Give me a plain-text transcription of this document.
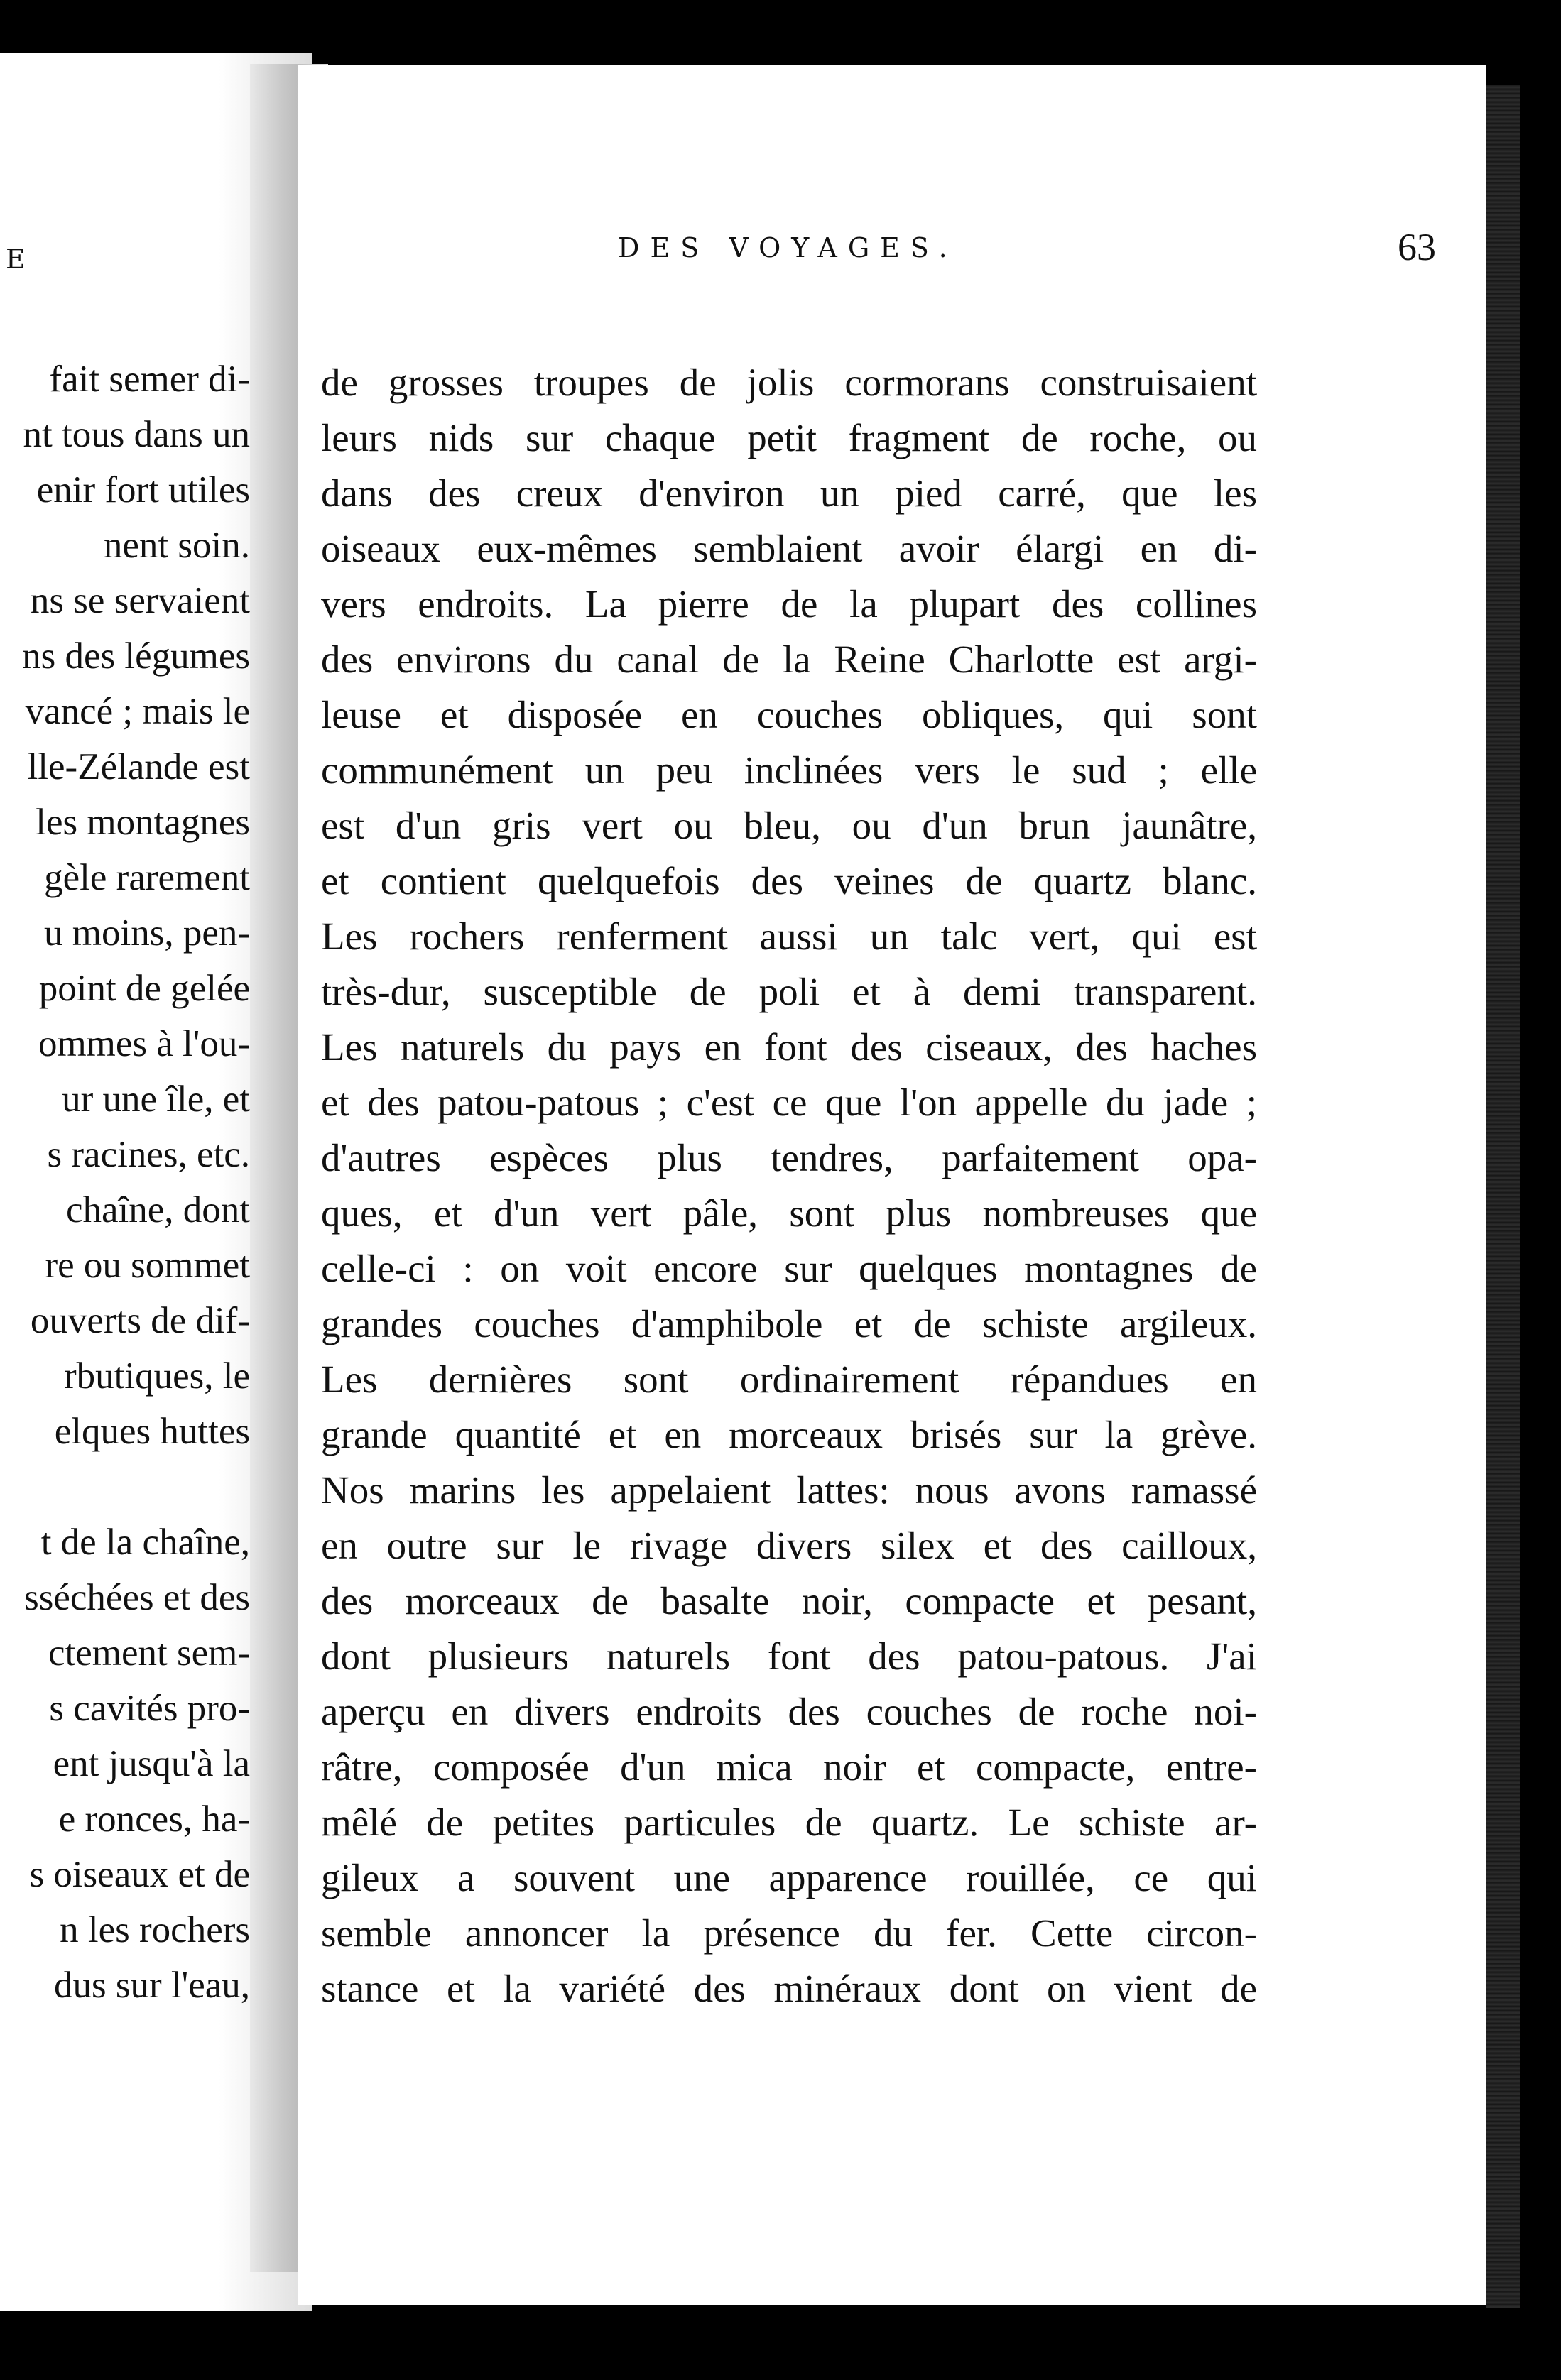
E
fait semer di-
nt tous dans un
enir fort utiles
nent soin.
ns se servaient
ns des légumes
vancé ; mais le
lle-Zélande est
les montagnes
gèle rarement
u moins, pen-
point de gelée
ommes à l'ou-
ur une île, et
s racines, etc.
chaîne, dont
re ou sommet
ouverts de dif-
rbutiques, le
elques huttes
t de la chaîne,
sséchées et des
ctement sem-
s cavités pro-
ent jusqu'à la
e ronces, ha-
s oiseaux et de
n les rochers
dus sur l'eau,
DES VOYAGES.	63
de grosses troupes de jolis cormorans construisaient
leurs nids sur chaque petit fragment de roche, ou
dans des creux d'environ un pied carré, que les
oiseaux eux-mêmes semblaient avoir élargi en di-
vers endroits. La pierre de la plupart des collines
des environs du canal de la Reine Charlotte est argi-
leuse et disposée en couches obliques, qui sont
communément un peu inclinées vers le sud ; elle
est d'un gris vert ou bleu, ou d'un brun jaunâtre,
et contient quelquefois des veines de quartz blanc.
Les rochers renferment aussi un talc vert, qui est
très-dur, susceptible de poli et à demi transparent.
Les naturels du pays en font des ciseaux, des haches
et des patou-patous ; c'est ce que l'on appelle du jade ;
d'autres espèces plus tendres, parfaitement opa-
ques, et d'un vert pâle, sont plus nombreuses que
celle-ci : on voit encore sur quelques montagnes de
grandes couches d'amphibole et de schiste argileux.
Les dernières sont ordinairement répandues en
grande quantité et en morceaux brisés sur la grève.
Nos marins les appelaient lattes: nous avons ramassé
en outre sur le rivage divers silex et des cailloux,
des morceaux de basalte noir, compacte et pesant,
dont plusieurs naturels font des patou-patous. J'ai
aperçu en divers endroits des couches de roche noi-
râtre, composée d'un mica noir et compacte, entre-
mêlé de petites particules de quartz. Le schiste ar-
gileux a souvent une apparence rouillée, ce qui
semble annoncer la présence du fer. Cette circon-
stance et la variété des minéraux dont on vient de
